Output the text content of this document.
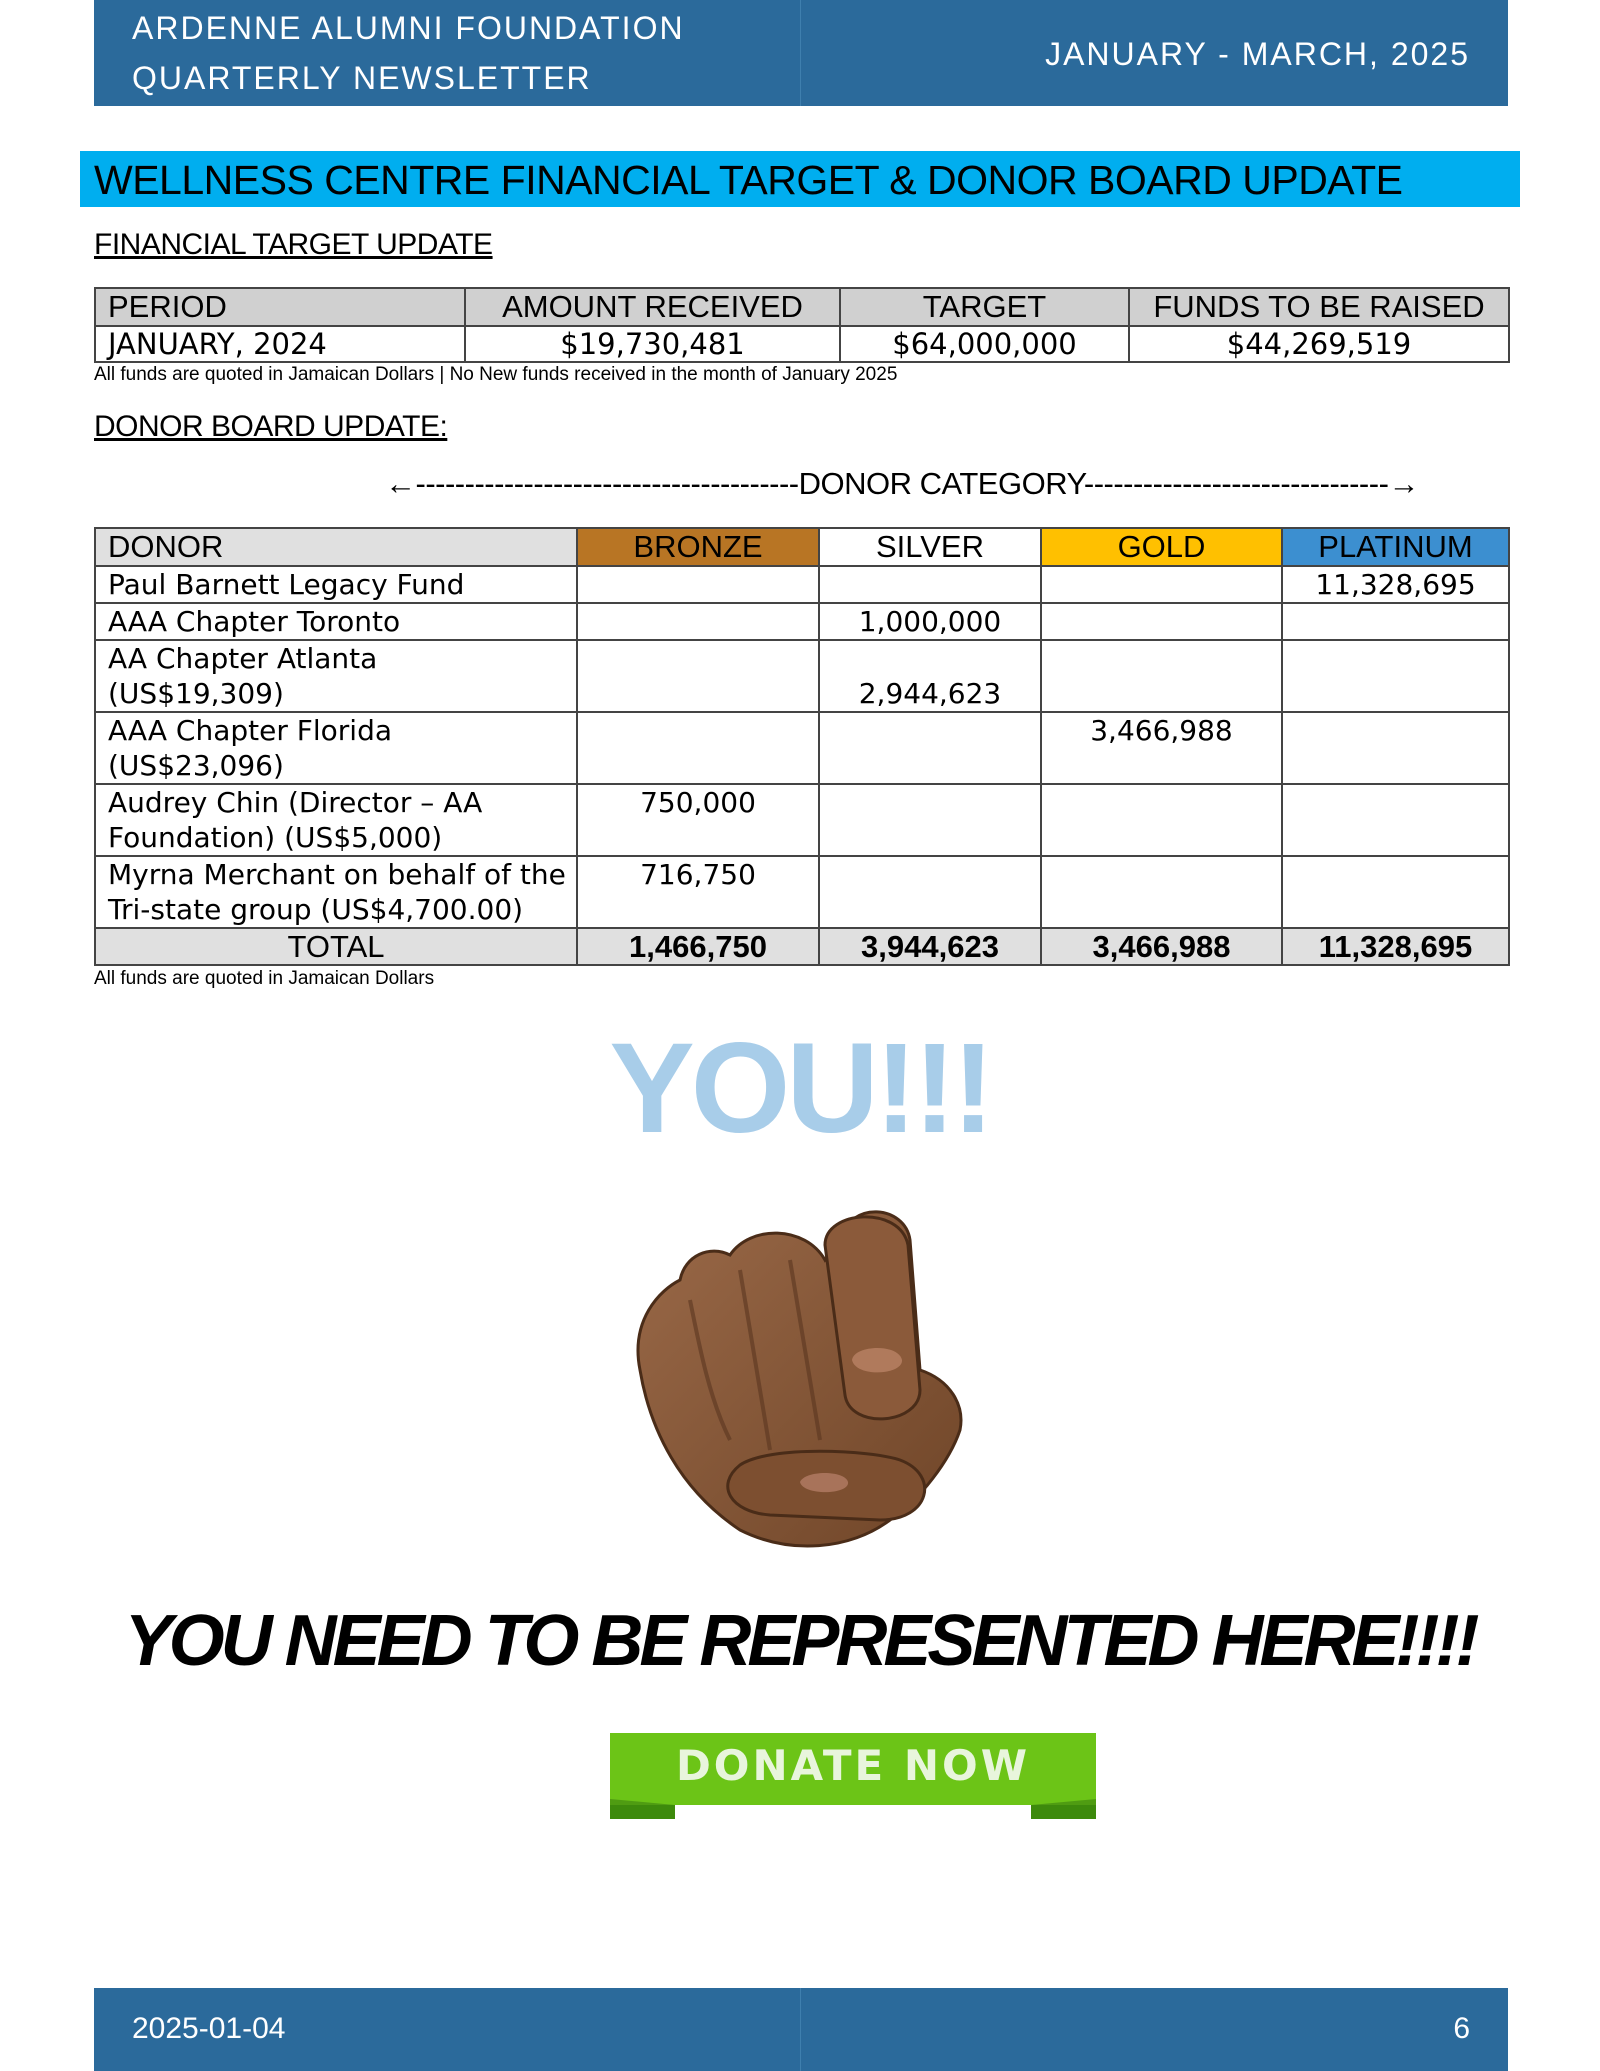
ARDENNE ALUMNI FOUNDATION
QUARTERLY NEWSLETTER
JANUARY - MARCH, 2025
WELLNESS CENTRE FINANCIAL TARGET & DONOR BOARD UPDATE
FINANCIAL TARGET UPDATE
PERIOD	AMOUNT RECEIVED	TARGET	FUNDS TO BE RAISED
JANUARY, 2024	$19,730,481	$64,000,000	$44,269,519
All funds are quoted in Jamaican Dollars | No New funds received in the month of January 2025
DONOR BOARD UPDATE:
←---------------------------------------DONOR CATEGORY-------------------------------→
DONOR	BRONZE	SILVER	GOLD	PLATINUM
Paul Barnett Legacy Fund				11,328,695
AAA Chapter Toronto		1,000,000		
AA Chapter Atlanta
(US$19,309)		2,944,623		
AAA Chapter Florida
(US$23,096)			3,466,988	
Audrey Chin (Director – AA
Foundation) (US$5,000)	750,000			
Myrna Merchant on behalf of the
Tri-state group (US$4,700.00)	716,750			
TOTAL	1,466,750	3,944,623	3,466,988	11,328,695
All funds are quoted in Jamaican Dollars
YOU!!!
YOU NEED TO BE REPRESENTED HERE!!!!
DONATE NOW
2025-01-04	6
